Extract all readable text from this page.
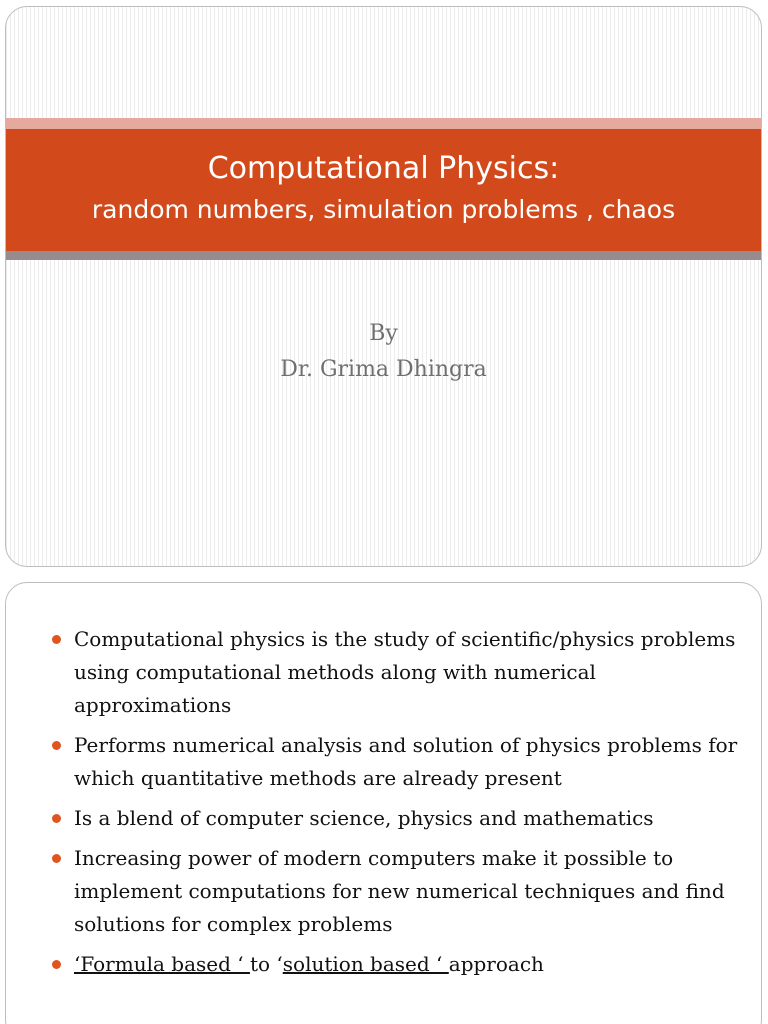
Computational Physics:
random numbers, simulation problems , chaos
By
Dr. Grima Dhingra
Computational physics is the study of scientific/physics problems using computational methods along with numerical approximations
Performs numerical analysis and solution of physics problems for which quantitative methods are already present
Is a blend of computer science, physics and mathematics
Increasing power of modern computers make it possible to implement computations for new numerical techniques and find solutions for complex problems
‘Formula based ‘ to ‘solution based ‘ approach
